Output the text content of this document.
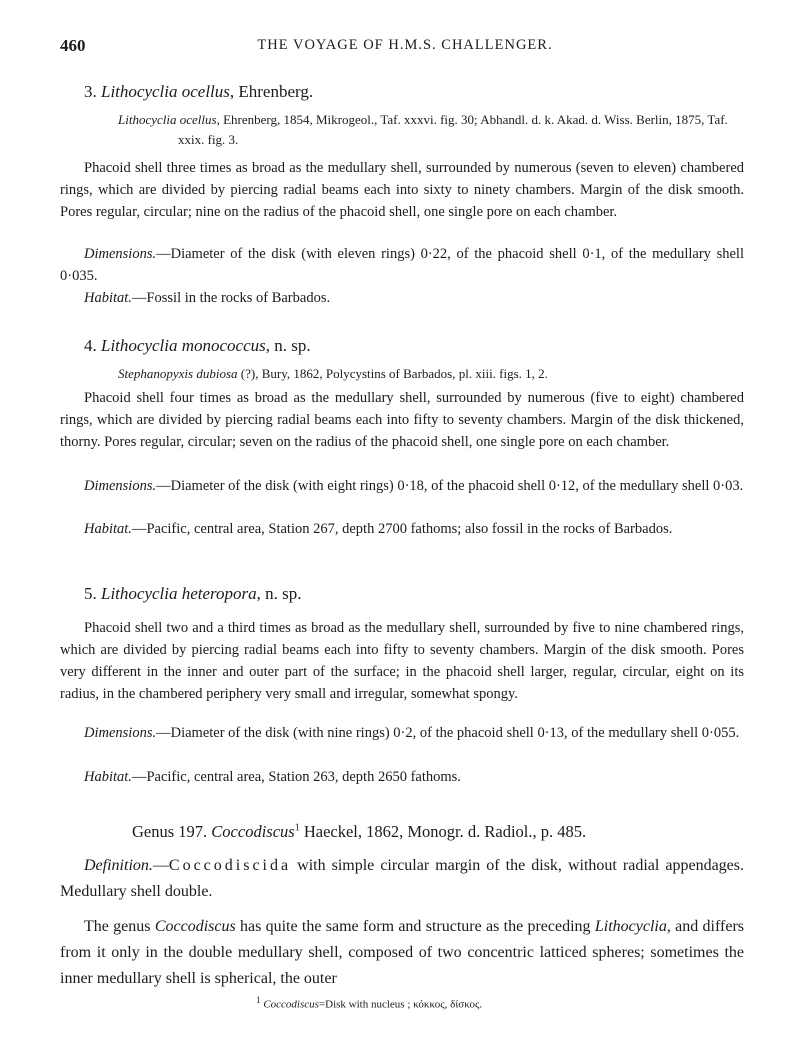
460	THE VOYAGE OF H.M.S. CHALLENGER.
3. Lithocyclia ocellus, Ehrenberg.
Lithocyclia ocellus, Ehrenberg, 1854, Mikrogeol., Taf. xxxvi. fig. 30; Abhandl. d. k. Akad. d. Wiss. Berlin, 1875, Taf. xxix. fig. 3.

Phacoid shell three times as broad as the medullary shell, surrounded by numerous (seven to eleven) chambered rings, which are divided by piercing radial beams each into sixty to ninety chambers. Margin of the disk smooth. Pores regular, circular; nine on the radius of the phacoid shell, one single pore on each chamber.

Dimensions.—Diameter of the disk (with eleven rings) 0·22, of the phacoid shell 0·1, of the medullary shell 0·035.

Habitat.—Fossil in the rocks of Barbados.

4. Lithocyclia monococcus, n. sp.
Stephanopyxis dubiosa (?), Bury, 1862, Polycystins of Barbados, pl. xiii. figs. 1, 2.

Phacoid shell four times as broad as the medullary shell, surrounded by numerous (five to eight) chambered rings, which are divided by piercing radial beams each into fifty to seventy chambers. Margin of the disk thickened, thorny. Pores regular, circular; seven on the radius of the phacoid shell, one single pore on each chamber.

Dimensions.—Diameter of the disk (with eight rings) 0·18, of the phacoid shell 0·12, of the medullary shell 0·03.

Habitat.—Pacific, central area, Station 267, depth 2700 fathoms; also fossil in the rocks of Barbados.

5. Lithocyclia heteropora, n. sp.

Phacoid shell two and a third times as broad as the medullary shell, surrounded by five to nine chambered rings, which are divided by piercing radial beams each into fifty to seventy chambers. Margin of the disk smooth. Pores very different in the inner and outer part of the surface; in the phacoid shell larger, regular, circular, eight on its radius, in the chambered periphery very small and irregular, somewhat spongy.

Dimensions.—Diameter of the disk (with nine rings) 0·2, of the phacoid shell 0·13, of the medullary shell 0·055.

Habitat.—Pacific, central area, Station 263, depth 2650 fathoms.

Genus 197. Coccodiscus$^1$ Haeckel, 1862, Monogr. d. Radiol., p. 485.

Definition.—Coccodiscida with simple circular margin of the disk, without radial appendages. Medullary shell double.

The genus Coccodiscus has quite the same form and structure as the preceding Lithocyclia, and differs from it only in the double medullary shell, composed of two concentric latticed spheres; sometimes the inner medullary shell is spherical, the outer

$^1$ Coccodiscus=Disk with nucleus ; κόκκος, δίσκος.
